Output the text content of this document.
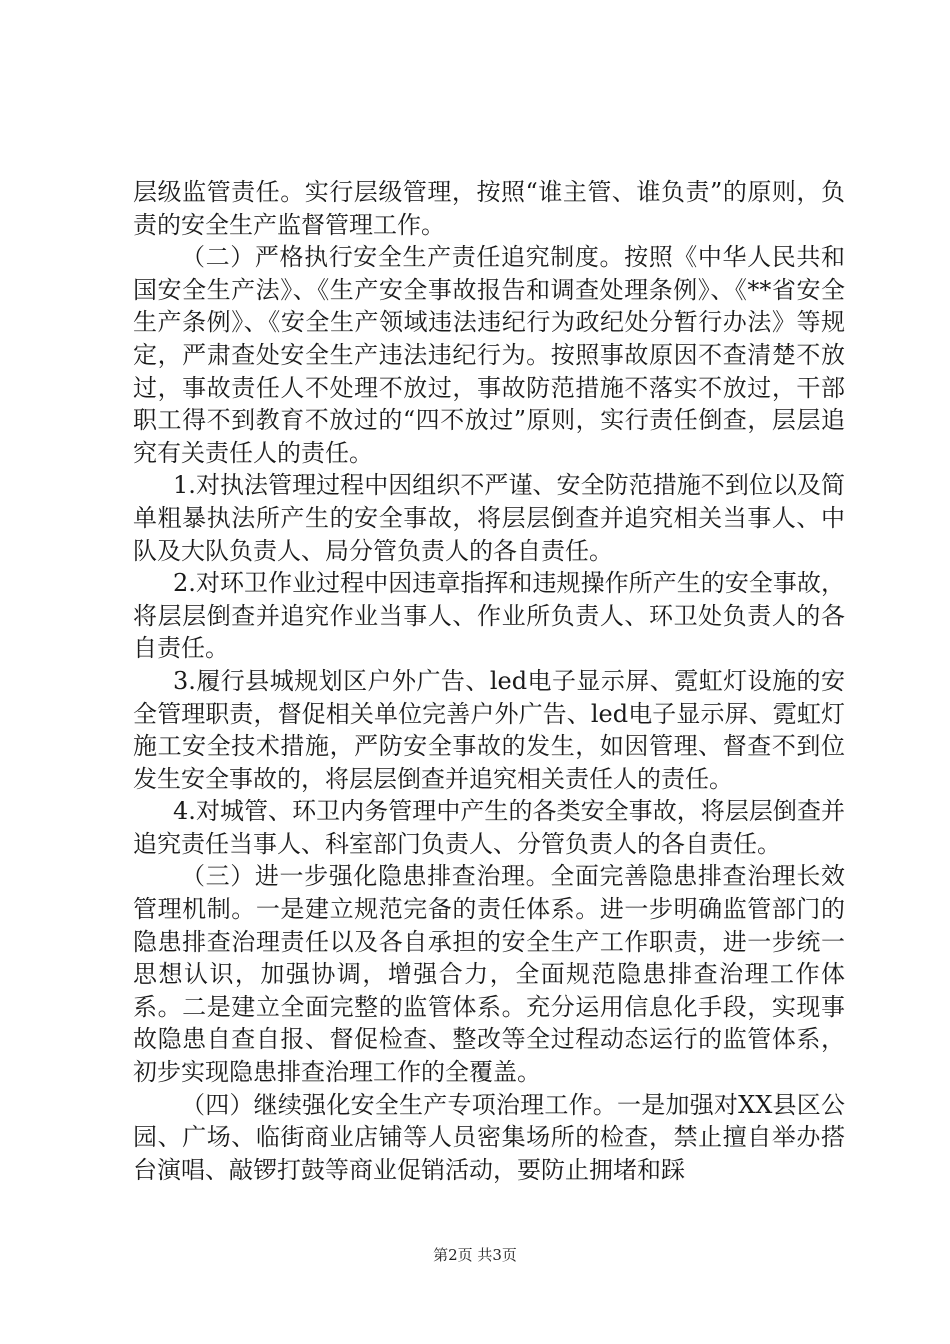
层级监管责任。实行层级管理，按照“谁主管、谁负责”的原则，负责的安全生产监督管理工作。

（二）严格执行安全生产责任追究制度。按照《中华人民共和国安全生产法》、《生产安全事故报告和调查处理条例》、《**省安全生产条例》、《安全生产领域违法违纪行为政纪处分暂行办法》等规定，严肃查处安全生产违法违纪行为。按照事故原因不查清楚不放过，事故责任人不处理不放过，事故防范措施不落实不放过，干部职工得不到教育不放过的“四不放过”原则，实行责任倒查，层层追究有关责任人的责任。

1.对执法管理过程中因组织不严谨、安全防范措施不到位以及简单粗暴执法所产生的安全事故，将层层倒查并追究相关当事人、中队及大队负责人、局分管负责人的各自责任。

2.对环卫作业过程中因违章指挥和违规操作所产生的安全事故，将层层倒查并追究作业当事人、作业所负责人、环卫处负责人的各自责任。

3.履行县城规划区户外广告、led电子显示屏、霓虹灯设施的安全管理职责，督促相关单位完善户外广告、led电子显示屏、霓虹灯施工安全技术措施，严防安全事故的发生，如因管理、督查不到位发生安全事故的，将层层倒查并追究相关责任人的责任。

4.对城管、环卫内务管理中产生的各类安全事故，将层层倒查并追究责任当事人、科室部门负责人、分管负责人的各自责任。

（三）进一步强化隐患排查治理。全面完善隐患排查治理长效管理机制。一是建立规范完备的责任体系。进一步明确监管部门的隐患排查治理责任以及各自承担的安全生产工作职责，进一步统一思想认识，加强协调，增强合力，全面规范隐患排查治理工作体系。二是建立全面完整的监管体系。充分运用信息化手段，实现事故隐患自查自报、督促检查、整改等全过程动态运行的监管体系，初步实现隐患排查治理工作的全覆盖。

（四）继续强化安全生产专项治理工作。一是加强对XX县区公园、广场、临街商业店铺等人员密集场所的检查，禁止擅自举办搭台演唱、敲锣打鼓等商业促销活动，要防止拥堵和踩

第2页 共3页
